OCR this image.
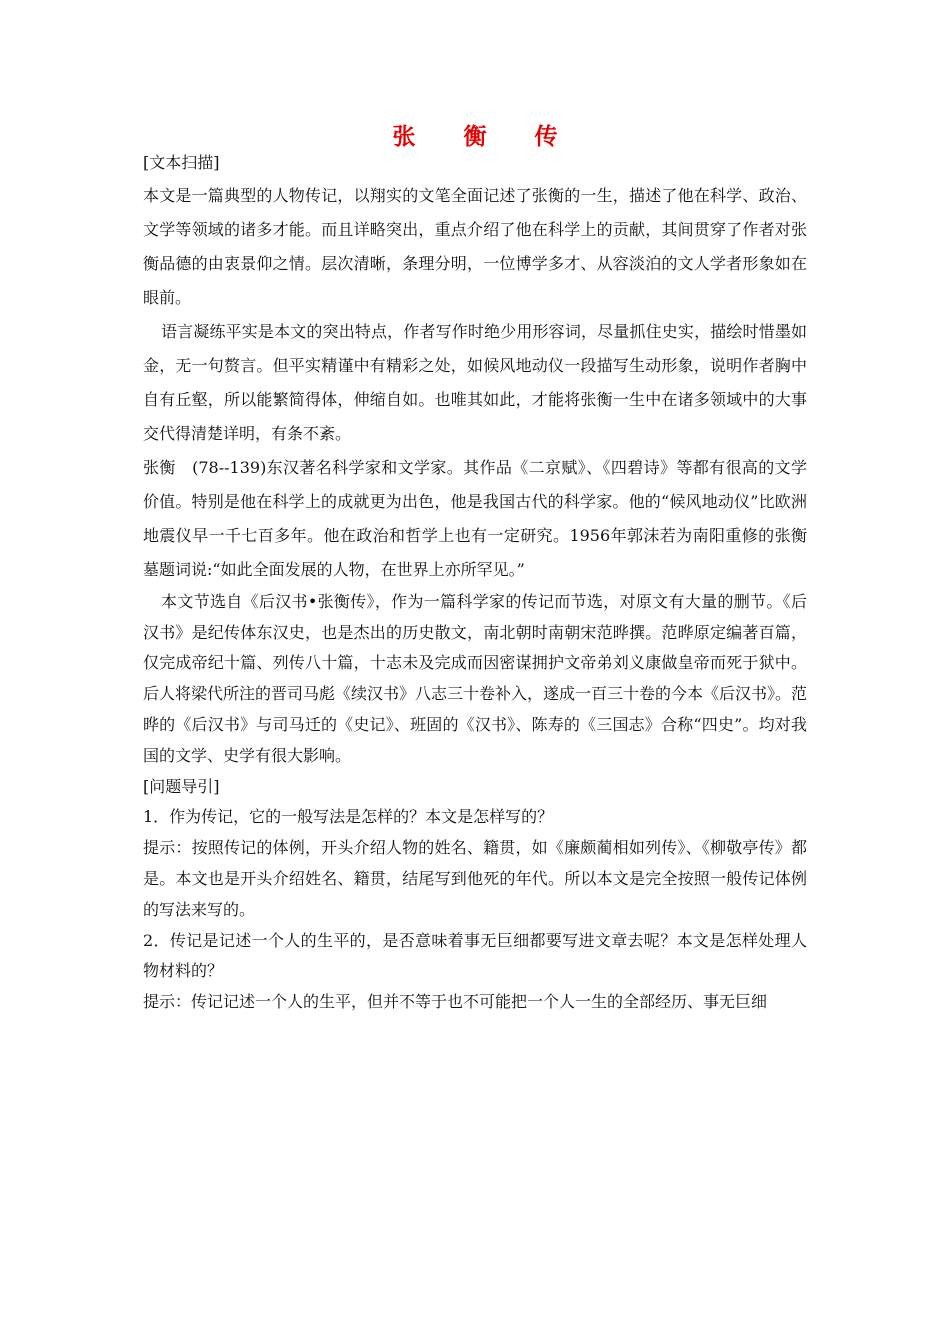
张 衡 传

[文本扫描]

本文是一篇典型的人物传记，以翔实的文笔全面记述了张衡的一生，描述了他在科学、政治、文学等领域的诸多才能。而且详略突出，重点介绍了他在科学上的贡献，其间贯穿了作者对张衡品德的由衷景仰之情。层次清晰，条理分明，一位博学多才、从容淡泊的文人学者形象如在眼前。

语言凝练平实是本文的突出特点，作者写作时绝少用形容词，尽量抓住史实，描绘时惜墨如金，无一句赘言。但平实精谨中有精彩之处，如候风地动仪一段描写生动形象，说明作者胸中自有丘壑，所以能繁简得体，伸缩自如。也唯其如此，才能将张衡一生中在诸多领域中的大事交代得清楚详明，有条不紊。

张衡　(78--139)东汉著名科学家和文学家。其作品《二京赋》、《四碧诗》等都有很高的文学价值。特别是他在科学上的成就更为出色，他是我国古代的科学家。他的“候风地动仪”比欧洲地震仪早一千七百多年。他在政治和哲学上也有一定研究。1956年郭沫若为南阳重修的张衡墓题词说:“如此全面发展的人物，在世界上亦所罕见。”

本文节选自《后汉书•张衡传》，作为一篇科学家的传记而节选，对原文有大量的删节。《后汉书》是纪传体东汉史，也是杰出的历史散文，南北朝时南朝宋范晔撰。范晔原定编著百篇，仅完成帝纪十篇、列传八十篇，十志未及完成而因密谋拥护文帝弟刘义康做皇帝而死于狱中。后人将梁代所注的晋司马彪《续汉书》八志三十卷补入，遂成一百三十卷的今本《后汉书》。范晔的《后汉书》与司马迁的《史记》、班固的《汉书》、陈寿的《三国志》合称“四史”。均对我国的文学、史学有很大影响。

[问题导引]

1．作为传记，它的一般写法是怎样的？本文是怎样写的？

提示：按照传记的体例，开头介绍人物的姓名、籍贯，如《廉颇蔺相如列传》、《柳敬亭传》都是。本文也是开头介绍姓名、籍贯，结尾写到他死的年代。所以本文是完全按照一般传记体例的写法来写的。

2．传记是记述一个人的生平的，是否意味着事无巨细都要写进文章去呢？本文是怎样处理人物材料的？

提示：传记记述一个人的生平，但并不等于也不可能把一个人一生的全部经历、事无巨细
